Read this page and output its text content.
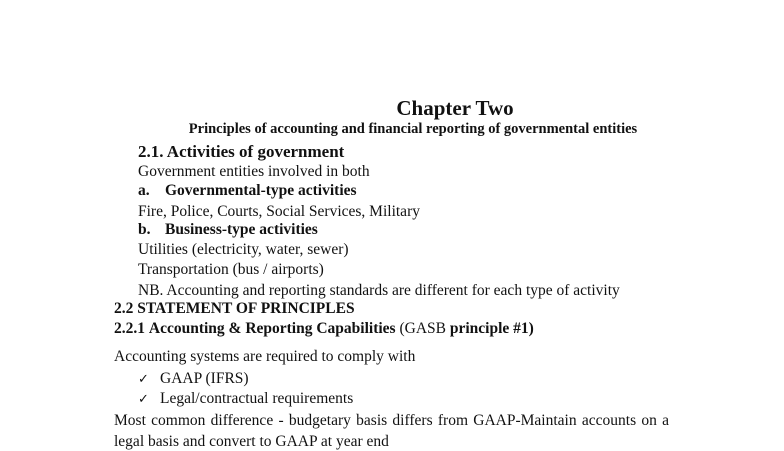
Chapter Two
Principles of accounting and financial reporting of governmental entities
2.1. Activities of government
Government entities involved in both
a. Governmental-type activities
Fire, Police, Courts, Social Services, Military
b. Business-type activities
Utilities (electricity, water, sewer)
Transportation (bus / airports)
NB. Accounting and reporting standards are different for each type of activity
2.2 STATEMENT OF PRINCIPLES
2.2.1 Accounting & Reporting Capabilities (GASB principle #1)
Accounting systems are required to comply with
✓ GAAP (IFRS)
✓ Legal/contractual requirements
Most common difference - budgetary basis differs from GAAP-Maintain accounts on a
legal basis and convert to GAAP at year end
